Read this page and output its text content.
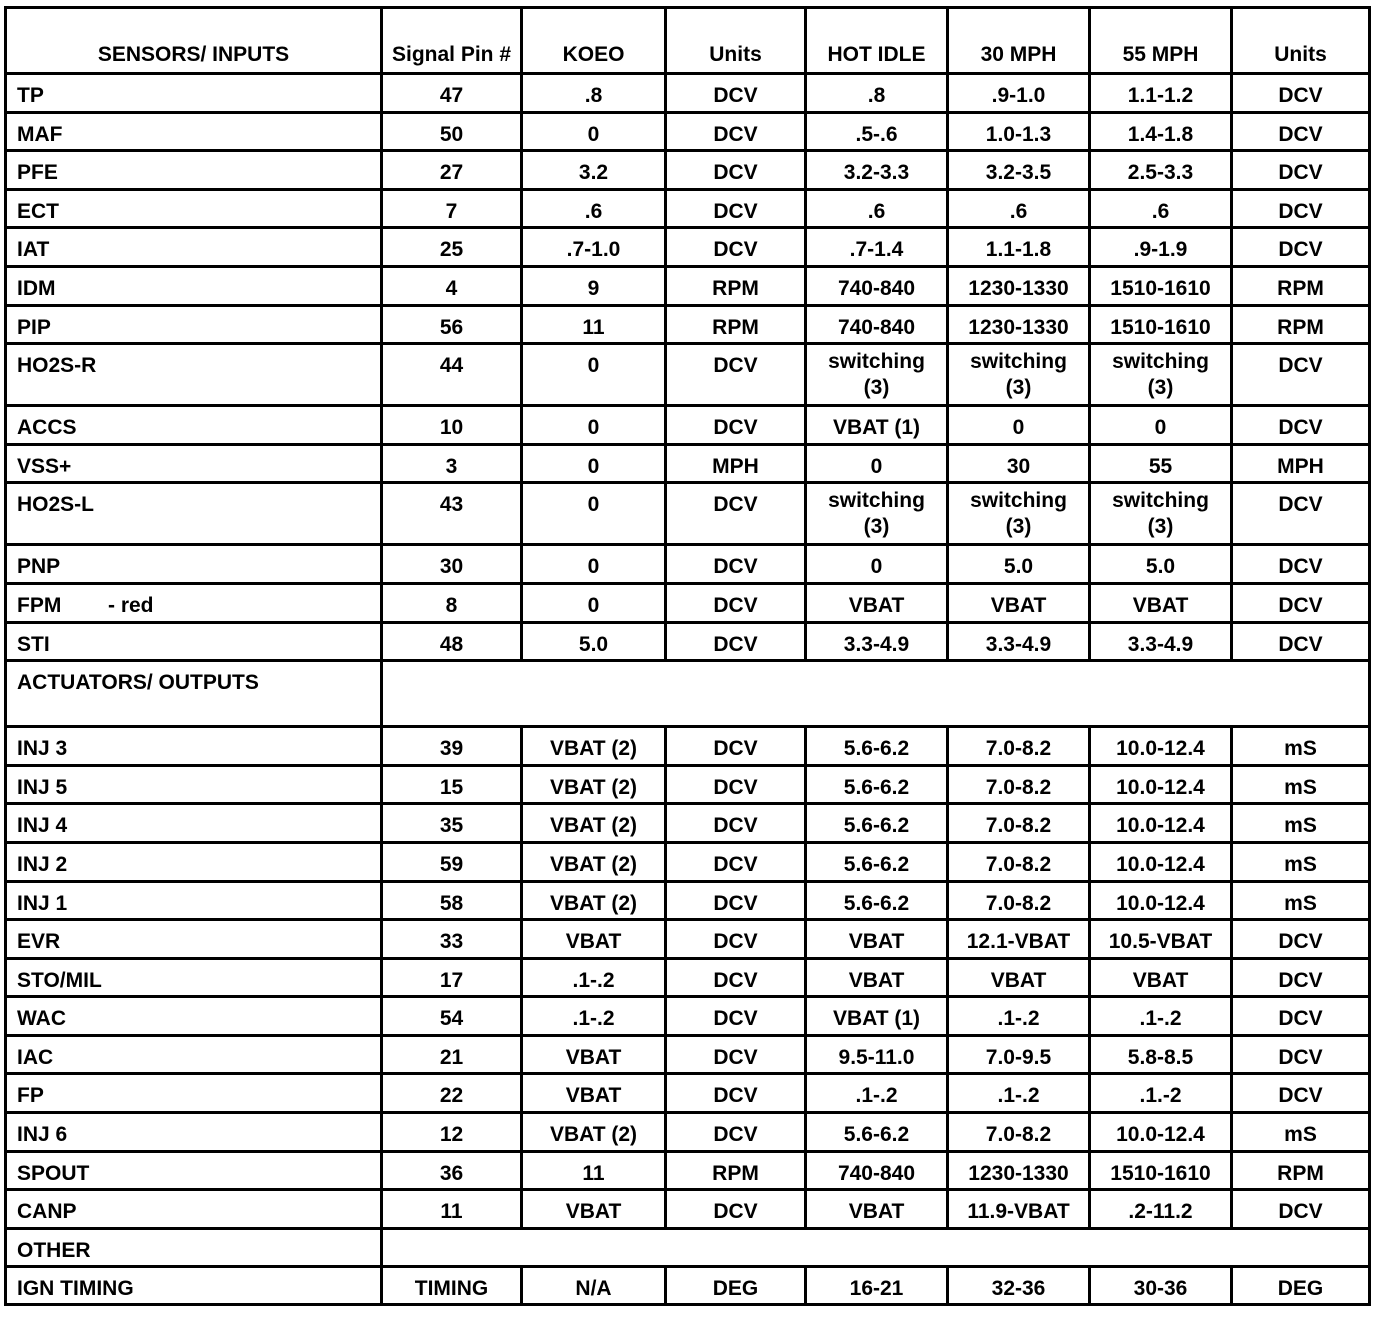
SENSORS/ INPUTS	Signal Pin #	KOEO	Units	HOT IDLE	30 MPH	55 MPH	Units
TP	47	.8	DCV	.8	.9-1.0	1.1-1.2	DCV
MAF	50	0	DCV	.5-.6	1.0-1.3	1.4-1.8	DCV
PFE	27	3.2	DCV	3.2-3.3	3.2-3.5	2.5-3.3	DCV
ECT	7	.6	DCV	.6	.6	.6	DCV
IAT	25	.7-1.0	DCV	.7-1.4	1.1-1.8	.9-1.9	DCV
IDM	4	9	RPM	740-840	1230-1330	1510-1610	RPM
PIP	56	11	RPM	740-840	1230-1330	1510-1610	RPM
HO2S-R	44	0	DCV	switching (3)	switching (3)	switching (3)	DCV
ACCS	10	0	DCV	VBAT (1)	0	0	DCV
VSS+	3	0	MPH	0	30	55	MPH
HO2S-L	43	0	DCV	switching (3)	switching (3)	switching (3)	DCV
PNP	30	0	DCV	0	5.0	5.0	DCV
FPM        - red	8	0	DCV	VBAT	VBAT	VBAT	DCV
STI	48	5.0	DCV	3.3-4.9	3.3-4.9	3.3-4.9	DCV
ACTUATORS/ OUTPUTS							
INJ 3	39	VBAT (2)	DCV	5.6-6.2	7.0-8.2	10.0-12.4	mS
INJ 5	15	VBAT (2)	DCV	5.6-6.2	7.0-8.2	10.0-12.4	mS
INJ 4	35	VBAT (2)	DCV	5.6-6.2	7.0-8.2	10.0-12.4	mS
INJ 2	59	VBAT (2)	DCV	5.6-6.2	7.0-8.2	10.0-12.4	mS
INJ 1	58	VBAT (2)	DCV	5.6-6.2	7.0-8.2	10.0-12.4	mS
EVR	33	VBAT	DCV	VBAT	12.1-VBAT	10.5-VBAT	DCV
STO/MIL	17	.1-.2	DCV	VBAT	VBAT	VBAT	DCV
WAC	54	.1-.2	DCV	VBAT (1)	.1-.2	.1-.2	DCV
IAC	21	VBAT	DCV	9.5-11.0	7.0-9.5	5.8-8.5	DCV
FP	22	VBAT	DCV	.1-.2	.1-.2	.1.-2	DCV
INJ 6	12	VBAT (2)	DCV	5.6-6.2	7.0-8.2	10.0-12.4	mS
SPOUT	36	11	RPM	740-840	1230-1330	1510-1610	RPM
CANP	11	VBAT	DCV	VBAT	11.9-VBAT	.2-11.2	DCV
OTHER							
IGN TIMING	TIMING	N/A	DEG	16-21	32-36	30-36	DEG
